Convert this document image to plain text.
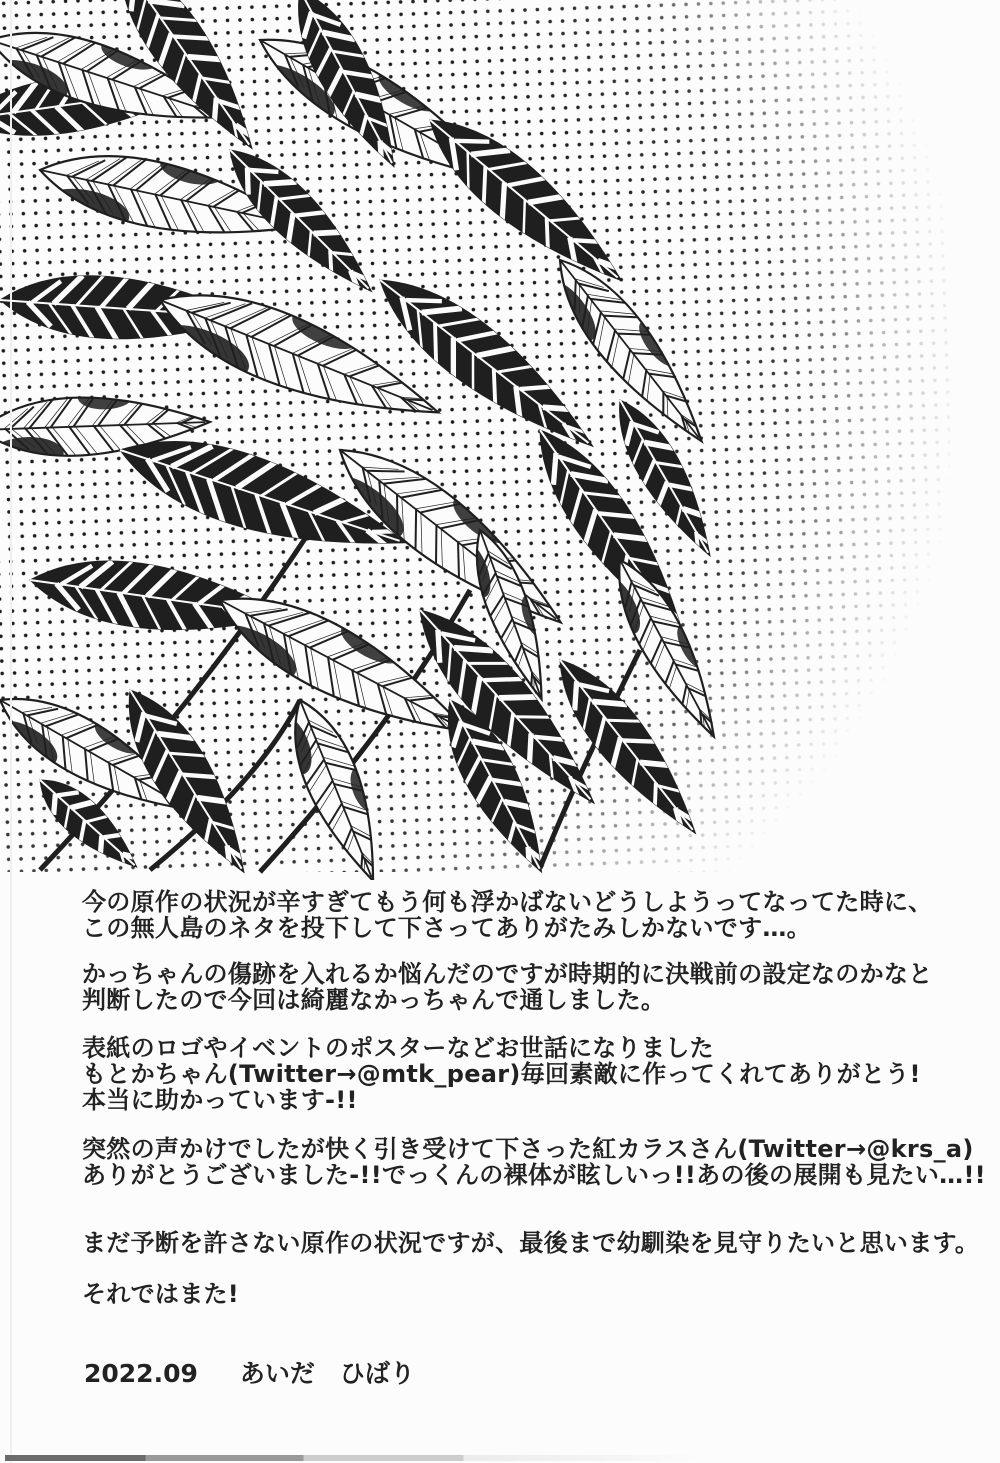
今の原作の状況が辛すぎてもう何も浮かばないどうしようってなってた時に、
この無人島のネタを投下して下さってありがたみしかないです…。
かっちゃんの傷跡を入れるか悩んだのですが時期的に決戦前の設定なのかなと
判断したので今回は綺麗なかっちゃんで通しました。
表紙のロゴやイベントのポスターなどお世話になりました
もとかちゃん(Twitter→@mtk_pear)毎回素敵に作ってくれてありがとう!
本当に助かっています-!!
突然の声かけでしたが快く引き受けて下さった紅カラスさん(Twitter→@krs_a)
ありがとうございました-!!でっくんの裸体が眩しいっ!!あの後の展開も見たい…!!
まだ予断を許さない原作の状況ですが、最後まで幼馴染を見守りたいと思います。
それではまた!
2022.09 あいだ　ひばり
